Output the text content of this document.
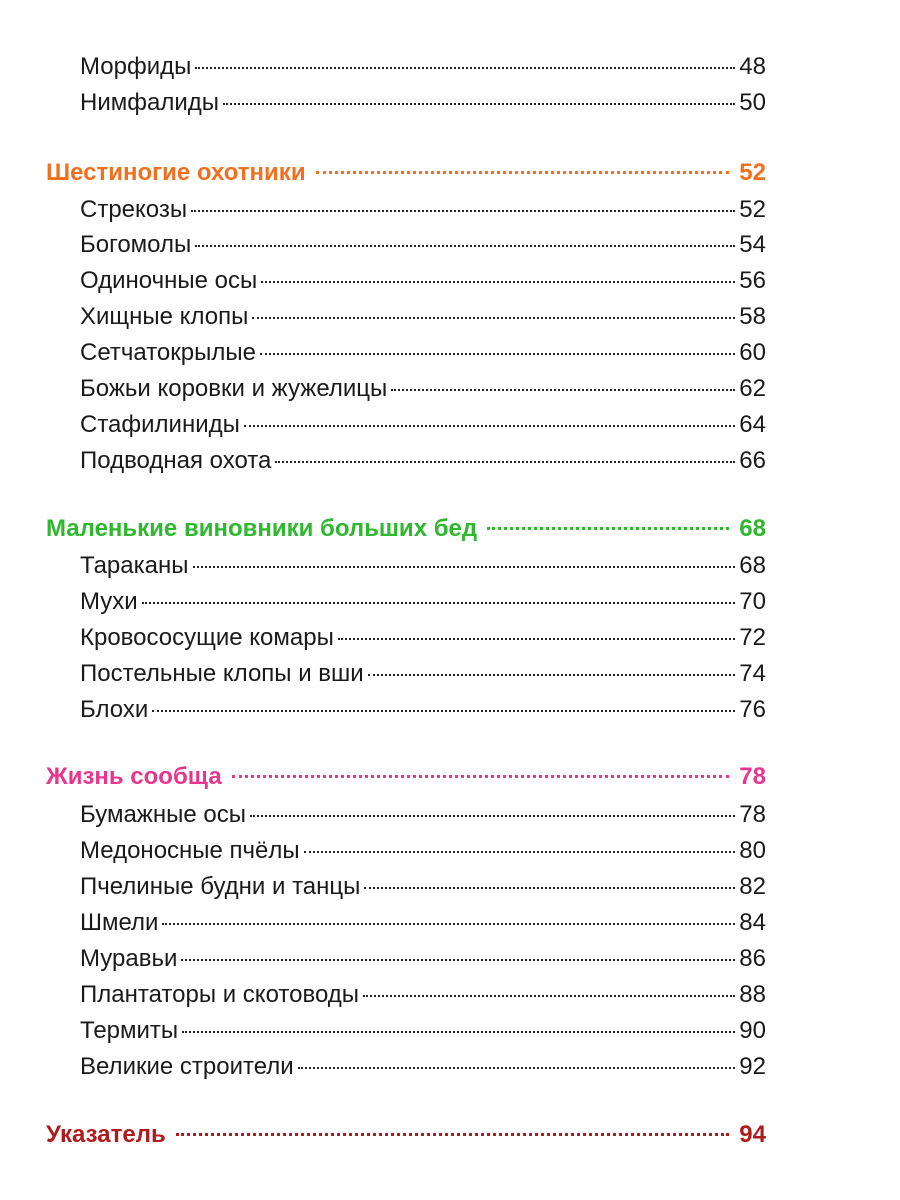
Морфиды	48
Нимфалиды	50
Шестиногие охотники	52
Стрекозы	52
Богомолы	54
Одиночные осы	56
Хищные клопы	58
Сетчатокрылые	60
Божьи коровки и жужелицы	62
Стафилиниды	64
Подводная охота	66
Маленькие виновники больших бед	68
Тараканы	68
Мухи	70
Кровососущие комары	72
Постельные клопы и вши	74
Блохи	76
Жизнь сообща	78
Бумажные осы	78
Медоносные пчёлы	80
Пчелиные будни и танцы	82
Шмели	84
Муравьи	86
Плантаторы и скотоводы	88
Термиты	90
Великие строители	92
Указатель	94
